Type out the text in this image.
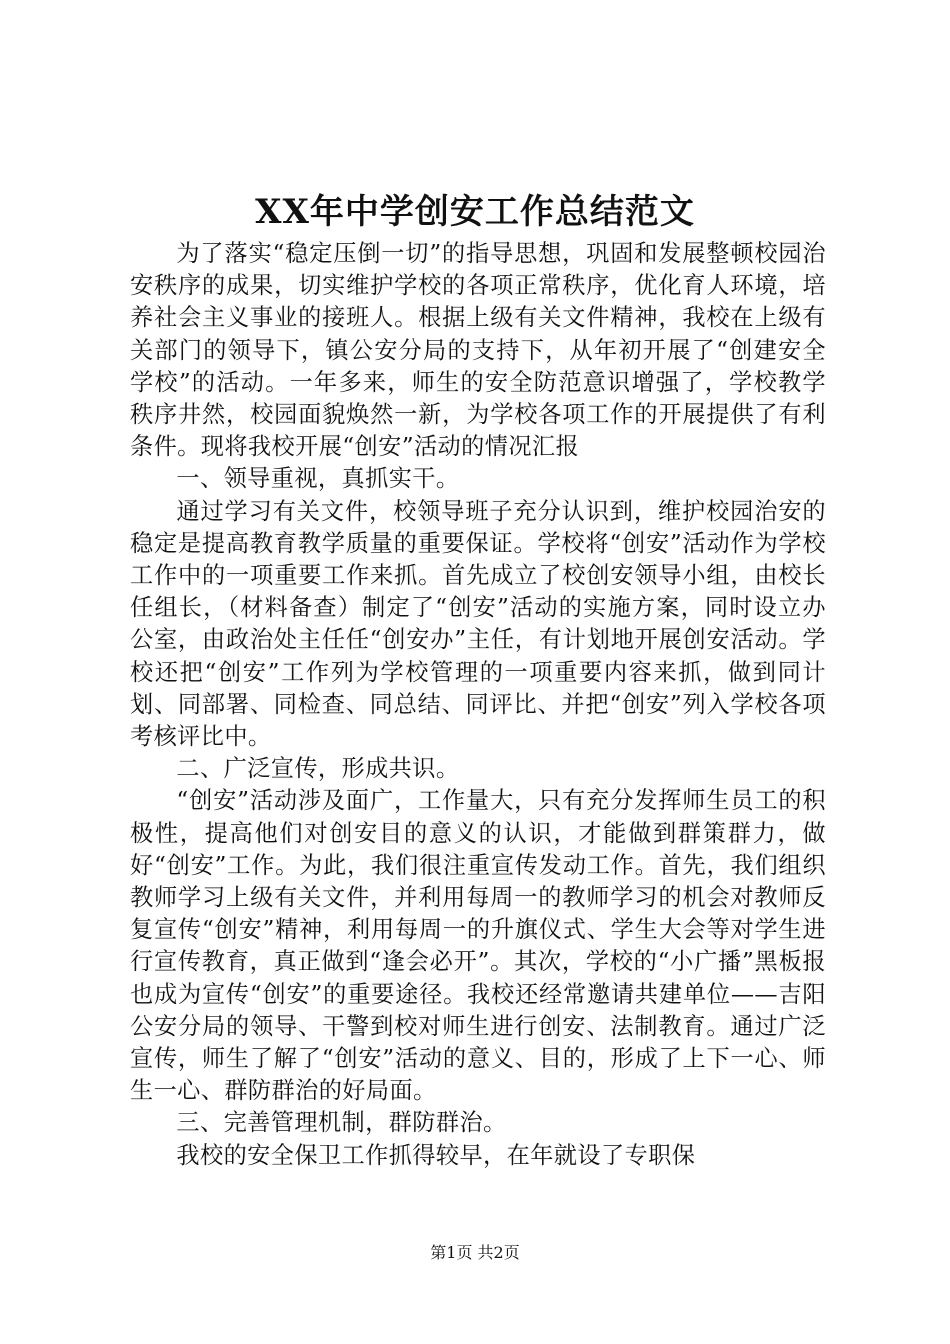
XX年中学创安工作总结范文

为了落实“稳定压倒一切”的指导思想，巩固和发展整顿校园治安秩序的成果，切实维护学校的各项正常秩序，优化育人环境，培养社会主义事业的接班人。根据上级有关文件精神，我校在上级有关部门的领导下，镇公安分局的支持下，从年初开展了“创建安全学校”的活动。一年多来，师生的安全防范意识增强了，学校教学秩序井然，校园面貌焕然一新，为学校各项工作的开展提供了有利条件。现将我校开展“创安”活动的情况汇报

一、领导重视，真抓实干。

通过学习有关文件，校领导班子充分认识到，维护校园治安的稳定是提高教育教学质量的重要保证。学校将“创安”活动作为学校工作中的一项重要工作来抓。首先成立了校创安领导小组，由校长任组长，（材料备查）制定了“创安”活动的实施方案，同时设立办公室，由政治处主任任“创安办”主任，有计划地开展创安活动。学校还把“创安”工作列为学校管理的一项重要内容来抓，做到同计划、同部署、同检查、同总结、同评比、并把“创安”列入学校各项考核评比中。

二、广泛宣传，形成共识。

“创安”活动涉及面广，工作量大，只有充分发挥师生员工的积极性，提高他们对创安目的意义的认识，才能做到群策群力，做好“创安”工作。为此，我们很注重宣传发动工作。首先，我们组织教师学习上级有关文件，并利用每周一的教师学习的机会对教师反复宣传“创安”精神，利用每周一的升旗仪式、学生大会等对学生进行宣传教育，真正做到“逢会必开”。其次，学校的“小广播”黑板报也成为宣传“创安”的重要途径。我校还经常邀请共建单位——吉阳公安分局的领导、干警到校对师生进行创安、法制教育。通过广泛宣传，师生了解了“创安”活动的意义、目的，形成了上下一心、师生一心、群防群治的好局面。

三、完善管理机制，群防群治。

我校的安全保卫工作抓得较早，在年就设了专职保

第1页 共2页
